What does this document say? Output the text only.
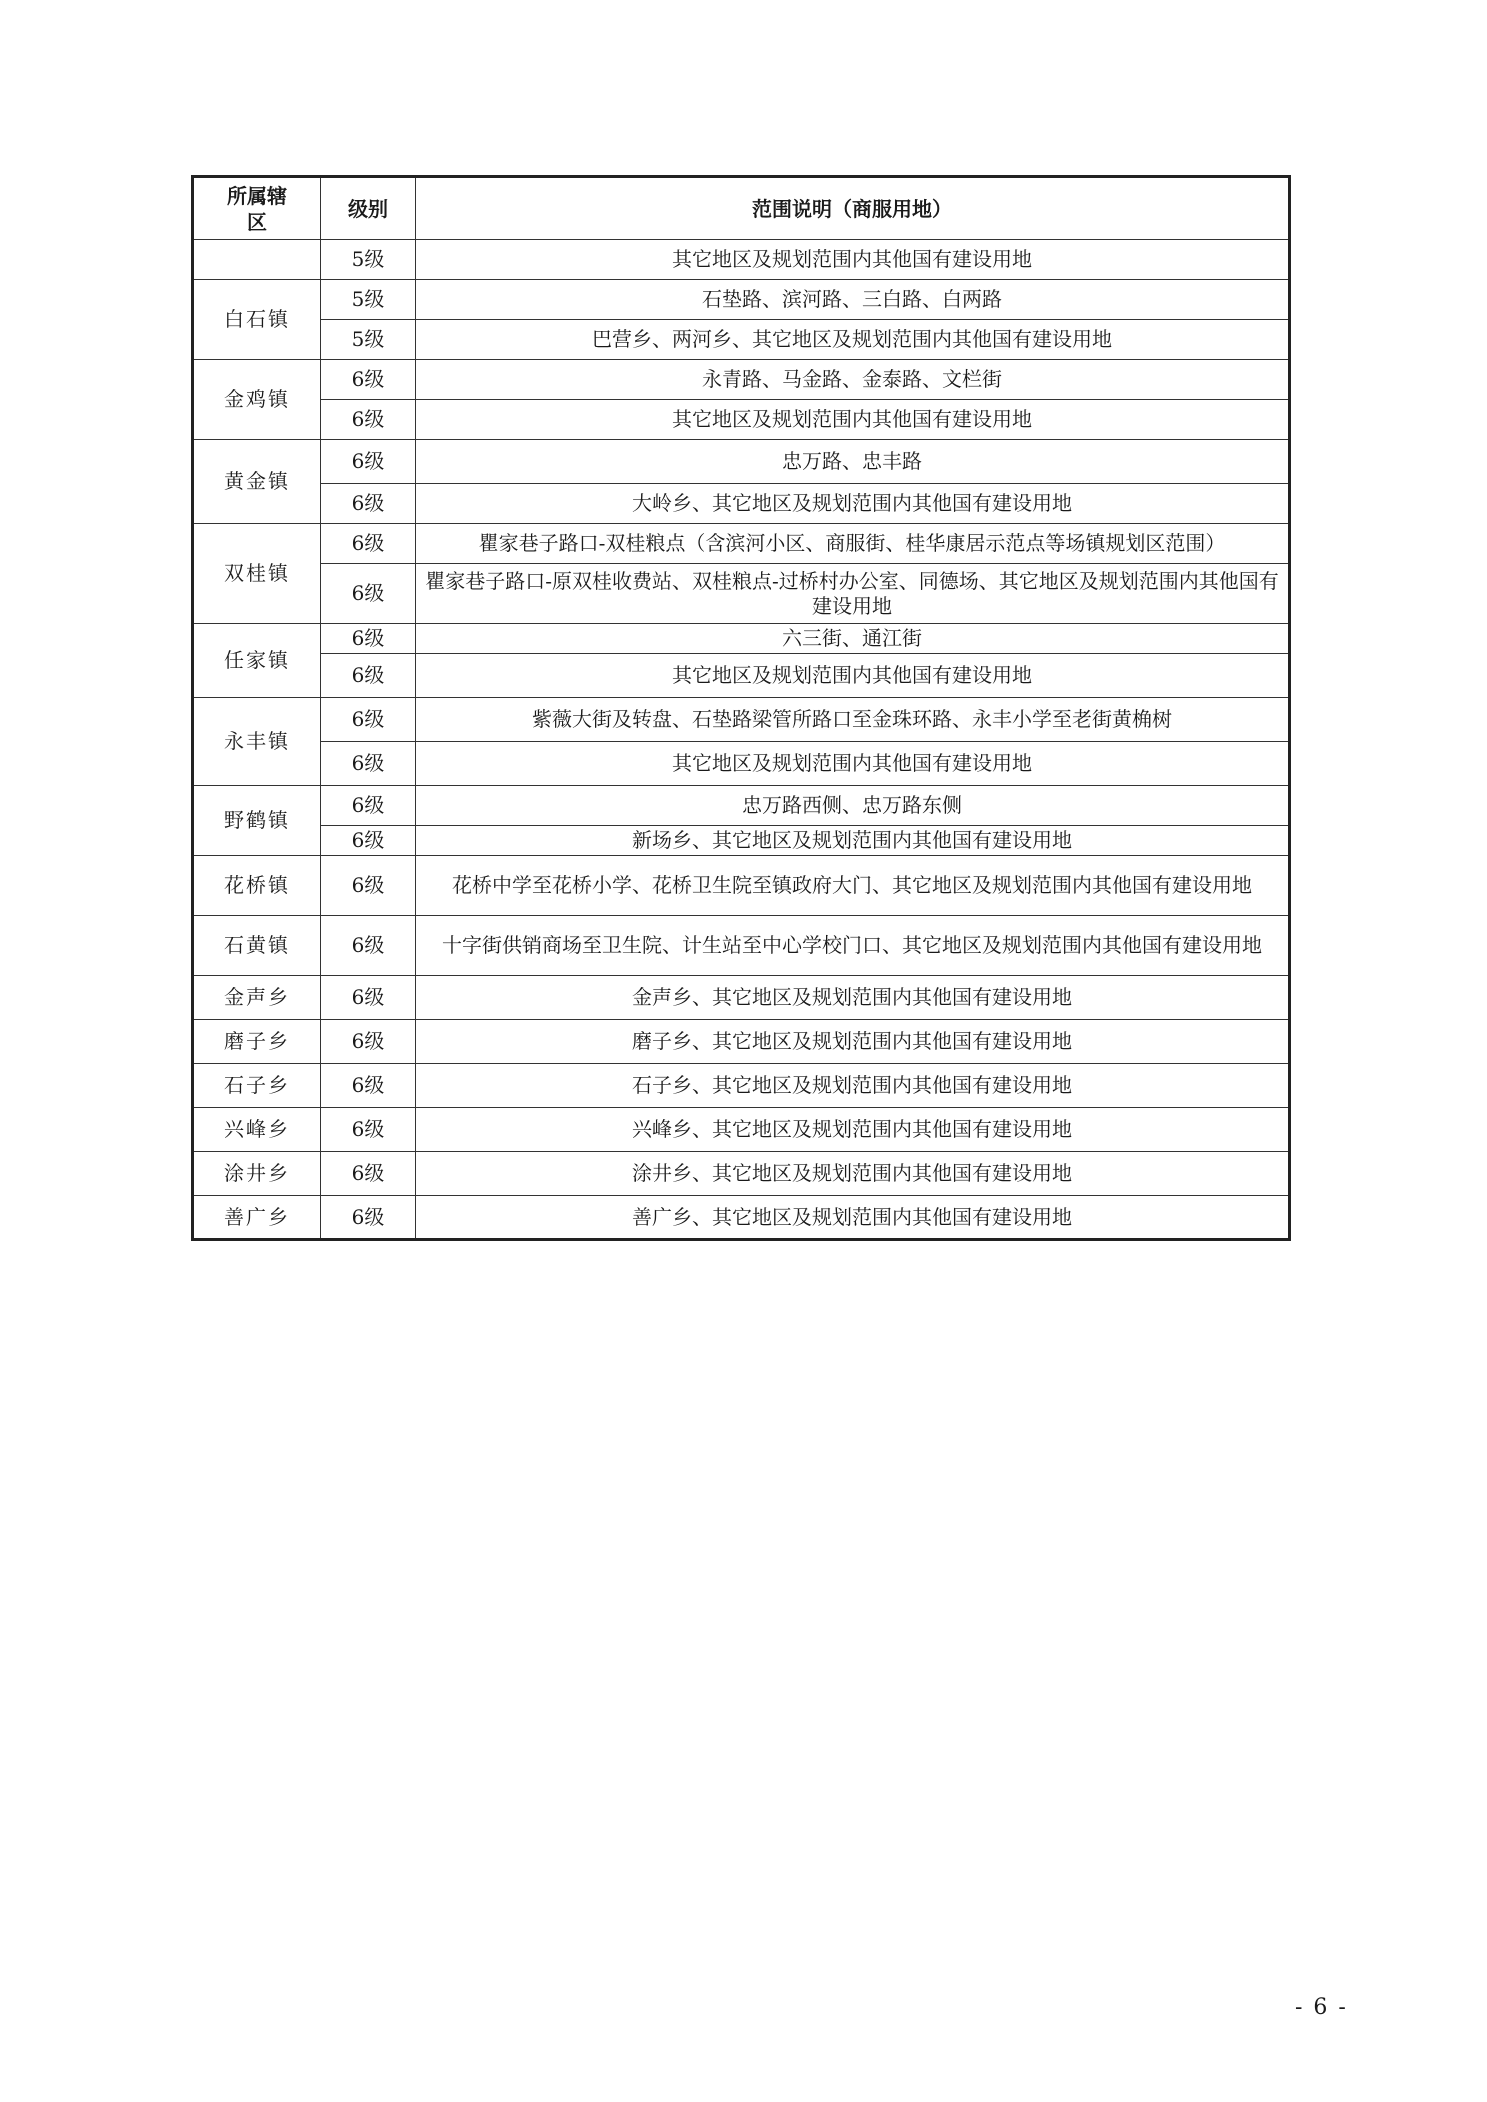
所属辖区	级别	范围说明（商服用地）
	5级	其它地区及规划范围内其他国有建设用地
白石镇	5级	石垫路、滨河路、三白路、白两路
	5级	巴营乡、两河乡、其它地区及规划范围内其他国有建设用地
金鸡镇	6级	永青路、马金路、金泰路、文栏街
	6级	其它地区及规划范围内其他国有建设用地
黄金镇	6级	忠万路、忠丰路
	6级	大岭乡、其它地区及规划范围内其他国有建设用地
双桂镇	6级	瞿家巷子路口-双桂粮点（含滨河小区、商服街、桂华康居示范点等场镇规划区范围）
	6级	瞿家巷子路口-原双桂收费站、双桂粮点-过桥村办公室、同德场、其它地区及规划范围内其他国有建设用地
任家镇	6级	六三街、通江街
	6级	其它地区及规划范围内其他国有建设用地
永丰镇	6级	紫薇大街及转盘、石垫路梁管所路口至金珠环路、永丰小学至老街黄桷树
	6级	其它地区及规划范围内其他国有建设用地
野鹤镇	6级	忠万路西侧、忠万路东侧
	6级	新场乡、其它地区及规划范围内其他国有建设用地
花桥镇	6级	花桥中学至花桥小学、花桥卫生院至镇政府大门、其它地区及规划范围内其他国有建设用地
石黄镇	6级	十字街供销商场至卫生院、计生站至中心学校门口、其它地区及规划范围内其他国有建设用地
金声乡	6级	金声乡、其它地区及规划范围内其他国有建设用地
磨子乡	6级	磨子乡、其它地区及规划范围内其他国有建设用地
石子乡	6级	石子乡、其它地区及规划范围内其他国有建设用地
兴峰乡	6级	兴峰乡、其它地区及规划范围内其他国有建设用地
涂井乡	6级	涂井乡、其它地区及规划范围内其他国有建设用地
善广乡	6级	善广乡、其它地区及规划范围内其他国有建设用地
- 6 -
